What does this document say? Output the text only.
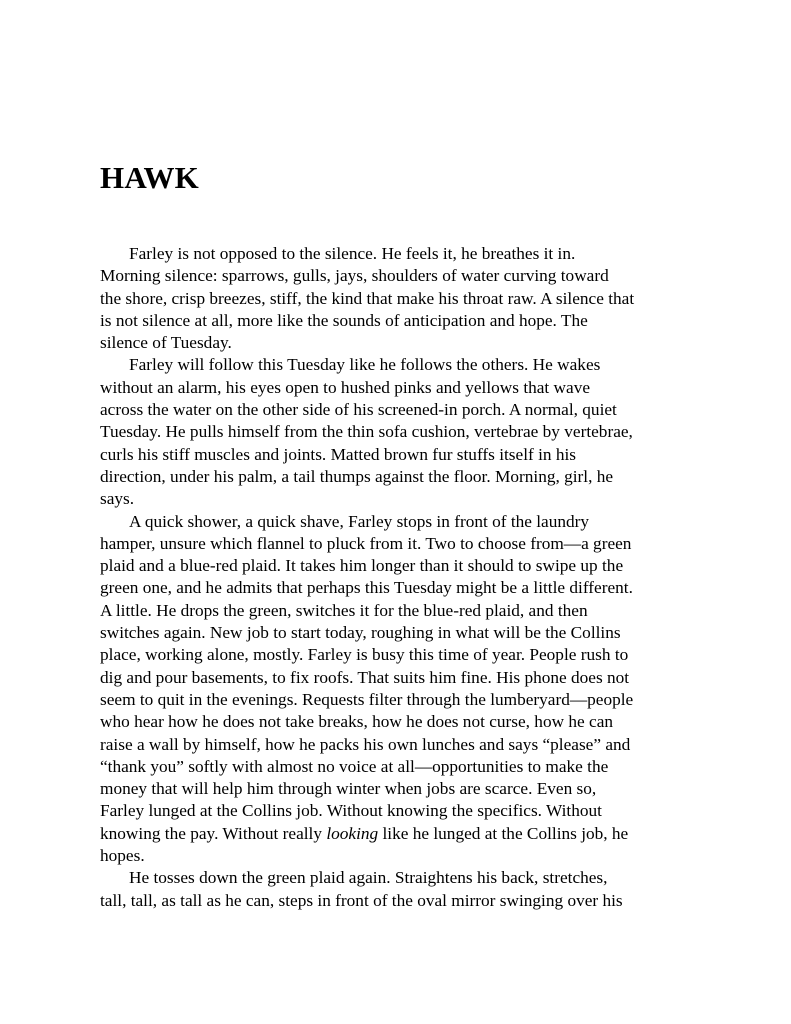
HAWK
Farley is not opposed to the silence. He feels it, he breathes it in.
Morning silence: sparrows, gulls, jays, shoulders of water curving toward
the shore, crisp breezes, stiff, the kind that make his throat raw. A silence that
is not silence at all, more like the sounds of anticipation and hope. The
silence of Tuesday.
Farley will follow this Tuesday like he follows the others. He wakes
without an alarm, his eyes open to hushed pinks and yellows that wave
across the water on the other side of his screened-in porch. A normal, quiet
Tuesday. He pulls himself from the thin sofa cushion, vertebrae by vertebrae,
curls his stiff muscles and joints. Matted brown fur stuffs itself in his
direction, under his palm, a tail thumps against the floor. Morning, girl, he
says.
A quick shower, a quick shave, Farley stops in front of the laundry
hamper, unsure which flannel to pluck from it. Two to choose from—a green
plaid and a blue-red plaid. It takes him longer than it should to swipe up the
green one, and he admits that perhaps this Tuesday might be a little different.
A little. He drops the green, switches it for the blue-red plaid, and then
switches again. New job to start today, roughing in what will be the Collins
place, working alone, mostly. Farley is busy this time of year. People rush to
dig and pour basements, to fix roofs. That suits him fine. His phone does not
seem to quit in the evenings. Requests filter through the lumberyard—people
who hear how he does not take breaks, how he does not curse, how he can
raise a wall by himself, how he packs his own lunches and says “please” and
“thank you” softly with almost no voice at all—opportunities to make the
money that will help him through winter when jobs are scarce. Even so,
Farley lunged at the Collins job. Without knowing the specifics. Without
knowing the pay. Without really looking like he lunged at the Collins job, he
hopes.
He tosses down the green plaid again. Straightens his back, stretches,
tall, tall, as tall as he can, steps in front of the oval mirror swinging over his
